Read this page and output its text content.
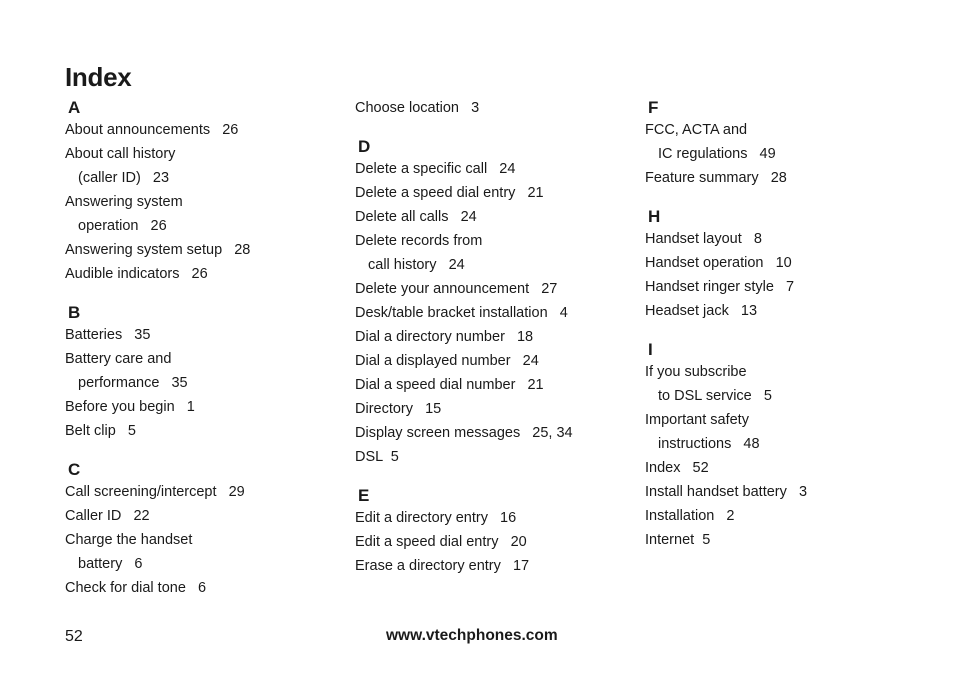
Index
A
About announcements   26
About call history
(caller ID)   23
Answering system
operation   26
Answering system setup   28
Audible indicators   26
B
Batteries   35
Battery care and
performance   35
Before you begin   1
Belt clip   5
C
Call screening/intercept   29
Caller ID   22
Charge the handset
battery   6
Check for dial tone   6
Choose location   3
D
Delete a specific call   24
Delete a speed dial entry   21
Delete all calls   24
Delete records from
call history   24
Delete your announcement   27
Desk/table bracket installation   4
Dial a directory number   18
Dial a displayed number   24
Dial a speed dial number   21
Directory   15
Display screen messages   25, 34
DSL  5
E
Edit a directory entry   16
Edit a speed dial entry   20
Erase a directory entry   17
F
FCC, ACTA and
IC regulations   49
Feature summary   28
H
Handset layout   8
Handset operation   10
Handset ringer style   7
Headset jack   13
I
If you subscribe
to DSL service   5
Important safety
instructions   48
Index   52
Install handset battery   3
Installation   2
Internet  5
52	www.vtechphones.com
